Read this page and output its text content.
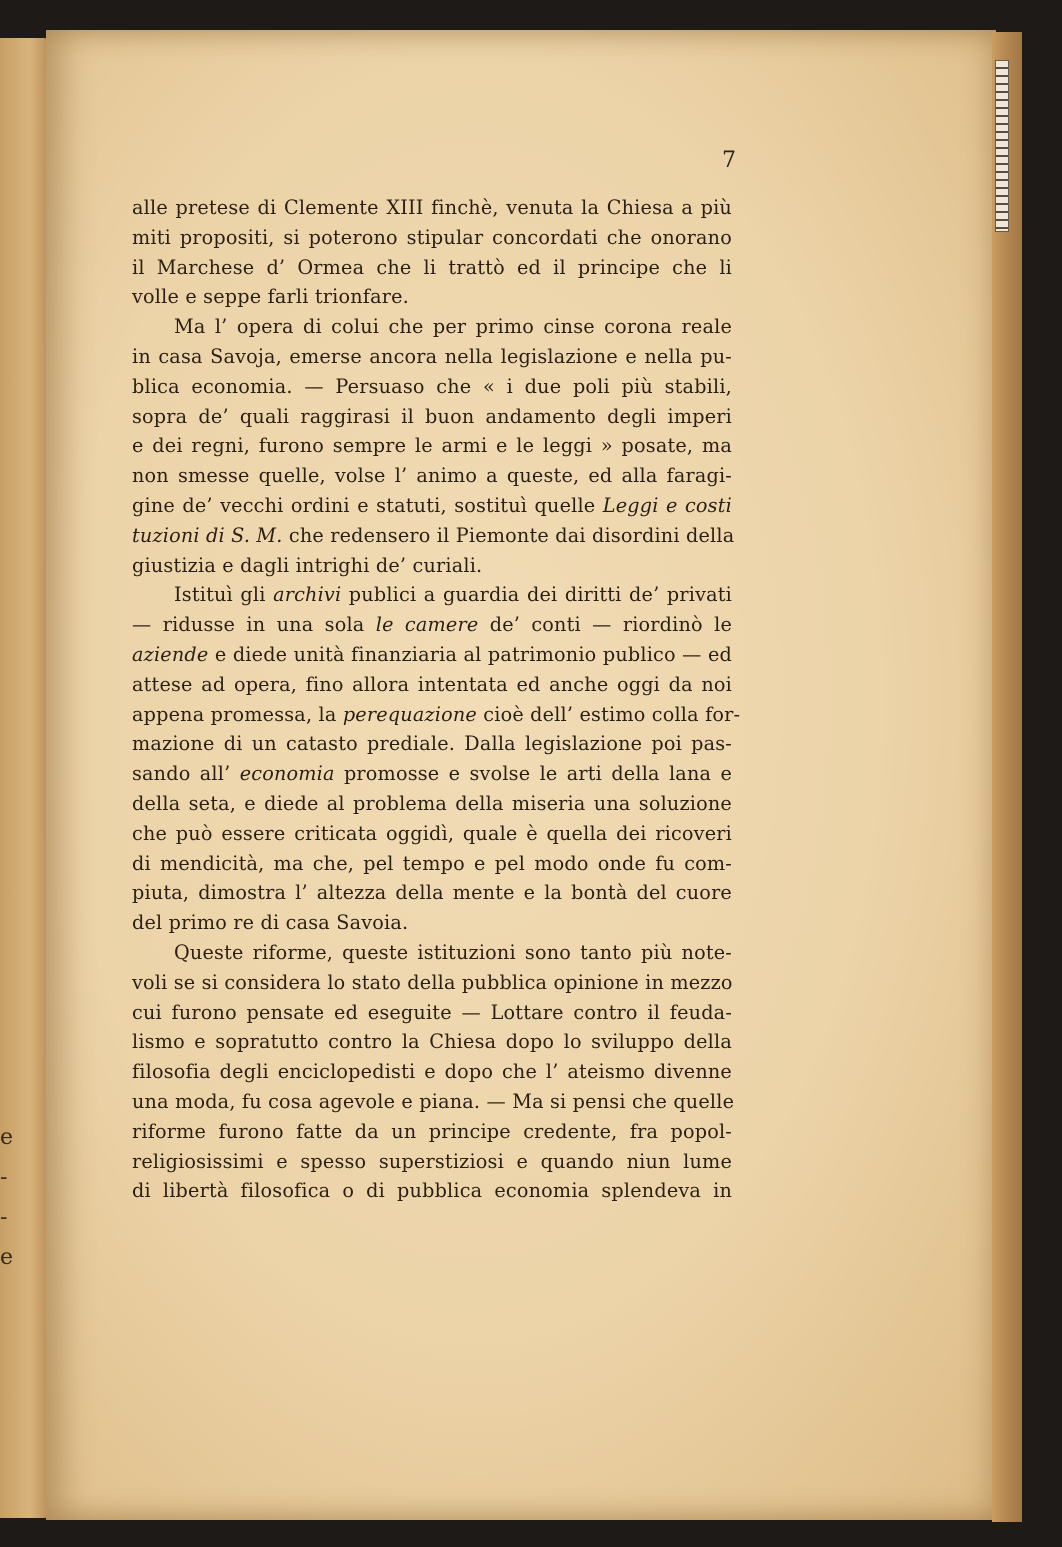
e
-
-
e
7
alle pretese di Clemente XIII finchè, venuta la Chiesa a più
miti propositi, si poterono stipular concordati che onorano
il Marchese d’ Ormea che li trattò ed il principe che li
volle e seppe farli trionfare.
Ma l’ opera di colui che per primo cinse corona reale
in casa Savoja, emerse ancora nella legislazione e nella pu-
blica economia. — Persuaso che « i due poli più stabili,
sopra de’ quali raggirasi il buon andamento degli imperi
e dei regni, furono sempre le armi e le leggi » posate, ma
non smesse quelle, volse l’ animo a queste, ed alla faragi-
gine de’ vecchi ordini e statuti, sostituì quelle Leggi e costi
tuzioni di S. M. che redensero il Piemonte dai disordini della
giustizia e dagli intrighi de’ curiali.
Istituì gli archivi publici a guardia dei diritti de’ privati
— ridusse in una sola le camere de’ conti — riordinò le
aziende e diede unità finanziaria al patrimonio publico — ed
attese ad opera, fino allora intentata ed anche oggi da noi
appena promessa, la perequazione cioè dell’ estimo colla for-
mazione di un catasto prediale. Dalla legislazione poi pas-
sando all’ economia promosse e svolse le arti della lana e
della seta, e diede al problema della miseria una soluzione
che può essere criticata oggidì, quale è quella dei ricoveri
di mendicità, ma che, pel tempo e pel modo onde fu com-
piuta, dimostra l’ altezza della mente e la bontà del cuore
del primo re di casa Savoia.
Queste riforme, queste istituzioni sono tanto più note-
voli se si considera lo stato della pubblica opinione in mezzo
cui furono pensate ed eseguite — Lottare contro il feuda-
lismo e sopratutto contro la Chiesa dopo lo sviluppo della
filosofia degli enciclopedisti e dopo che l’ ateismo divenne
una moda, fu cosa agevole e piana. — Ma si pensi che quelle
riforme furono fatte da un principe credente, fra popol-
religiosissimi e spesso superstiziosi e quando niun lume
di libertà filosofica o di pubblica economia splendeva in
